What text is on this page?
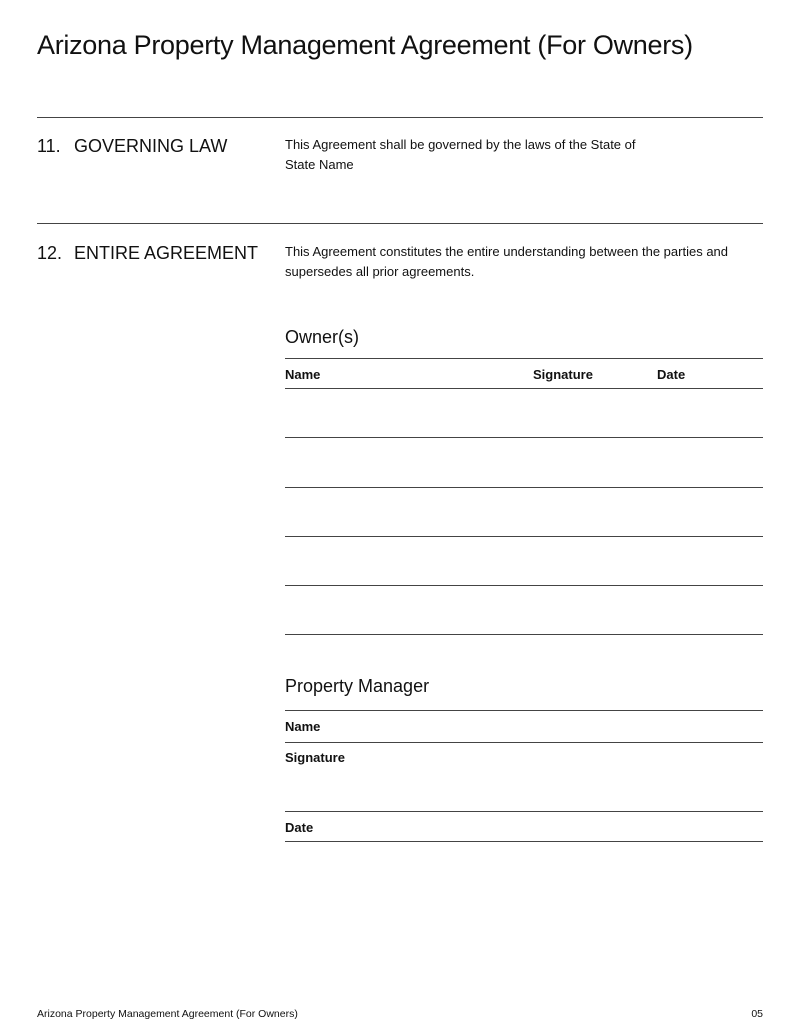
Arizona Property Management Agreement (For Owners)
11. GOVERNING LAW	This Agreement shall be governed by the laws of the State of
State Name
12. ENTIRE AGREEMENT This Agreement constitutes the entire understanding between the parties and supersedes all prior agreements.
Owner(s)
Name	Signature	Date
Property Manager
Name
Signature
Date
Arizona Property Management Agreement (For Owners)	05
